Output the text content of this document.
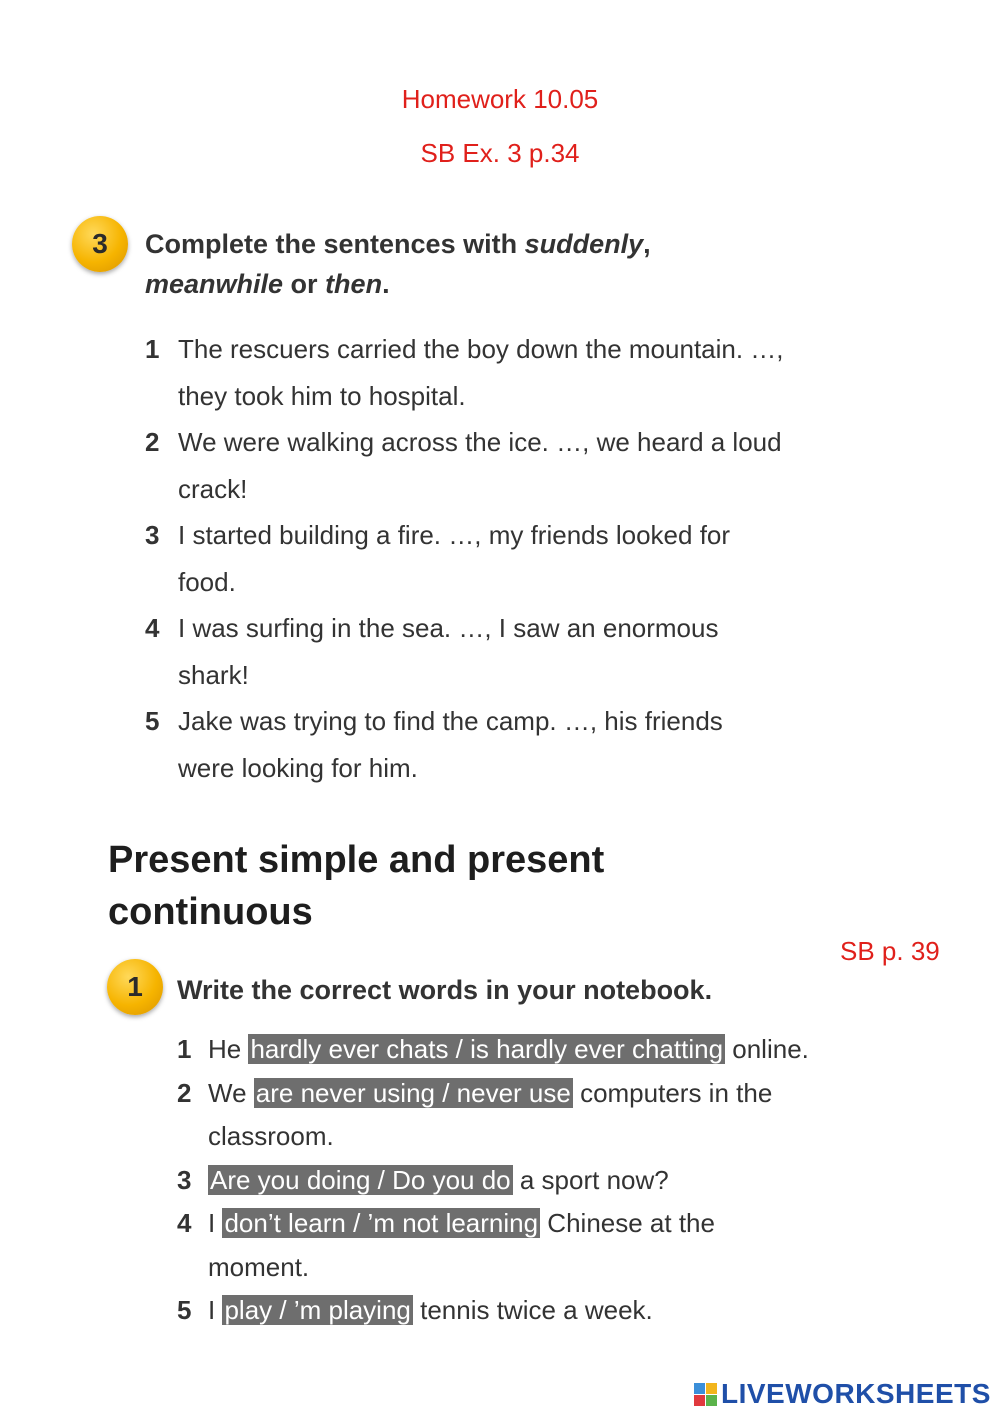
Homework 10.05
SB Ex. 3 p.34
3	Complete the sentences with suddenly,
meanwhile or then.
1 The rescuers carried the boy down the mountain. …, they took him to hospital.
2 We were walking across the ice. …, we heard a loud crack!
3 I started building a fire. …, my friends looked for food.
4 I was surfing in the sea. …, I saw an enormous shark!
5 Jake was trying to find the camp. …, his friends were looking for him.
Present simple and present continuous
SB p. 39
1	Write the correct words in your notebook.
1 He hardly ever chats / is hardly ever chatting online.
2 We are never using / never use computers in the classroom.
3 Are you doing / Do you do a sport now?
4 I don’t learn / ’m not learning Chinese at the moment.
5 I play / ’m playing tennis twice a week.
LIVEWORKSHEETS
